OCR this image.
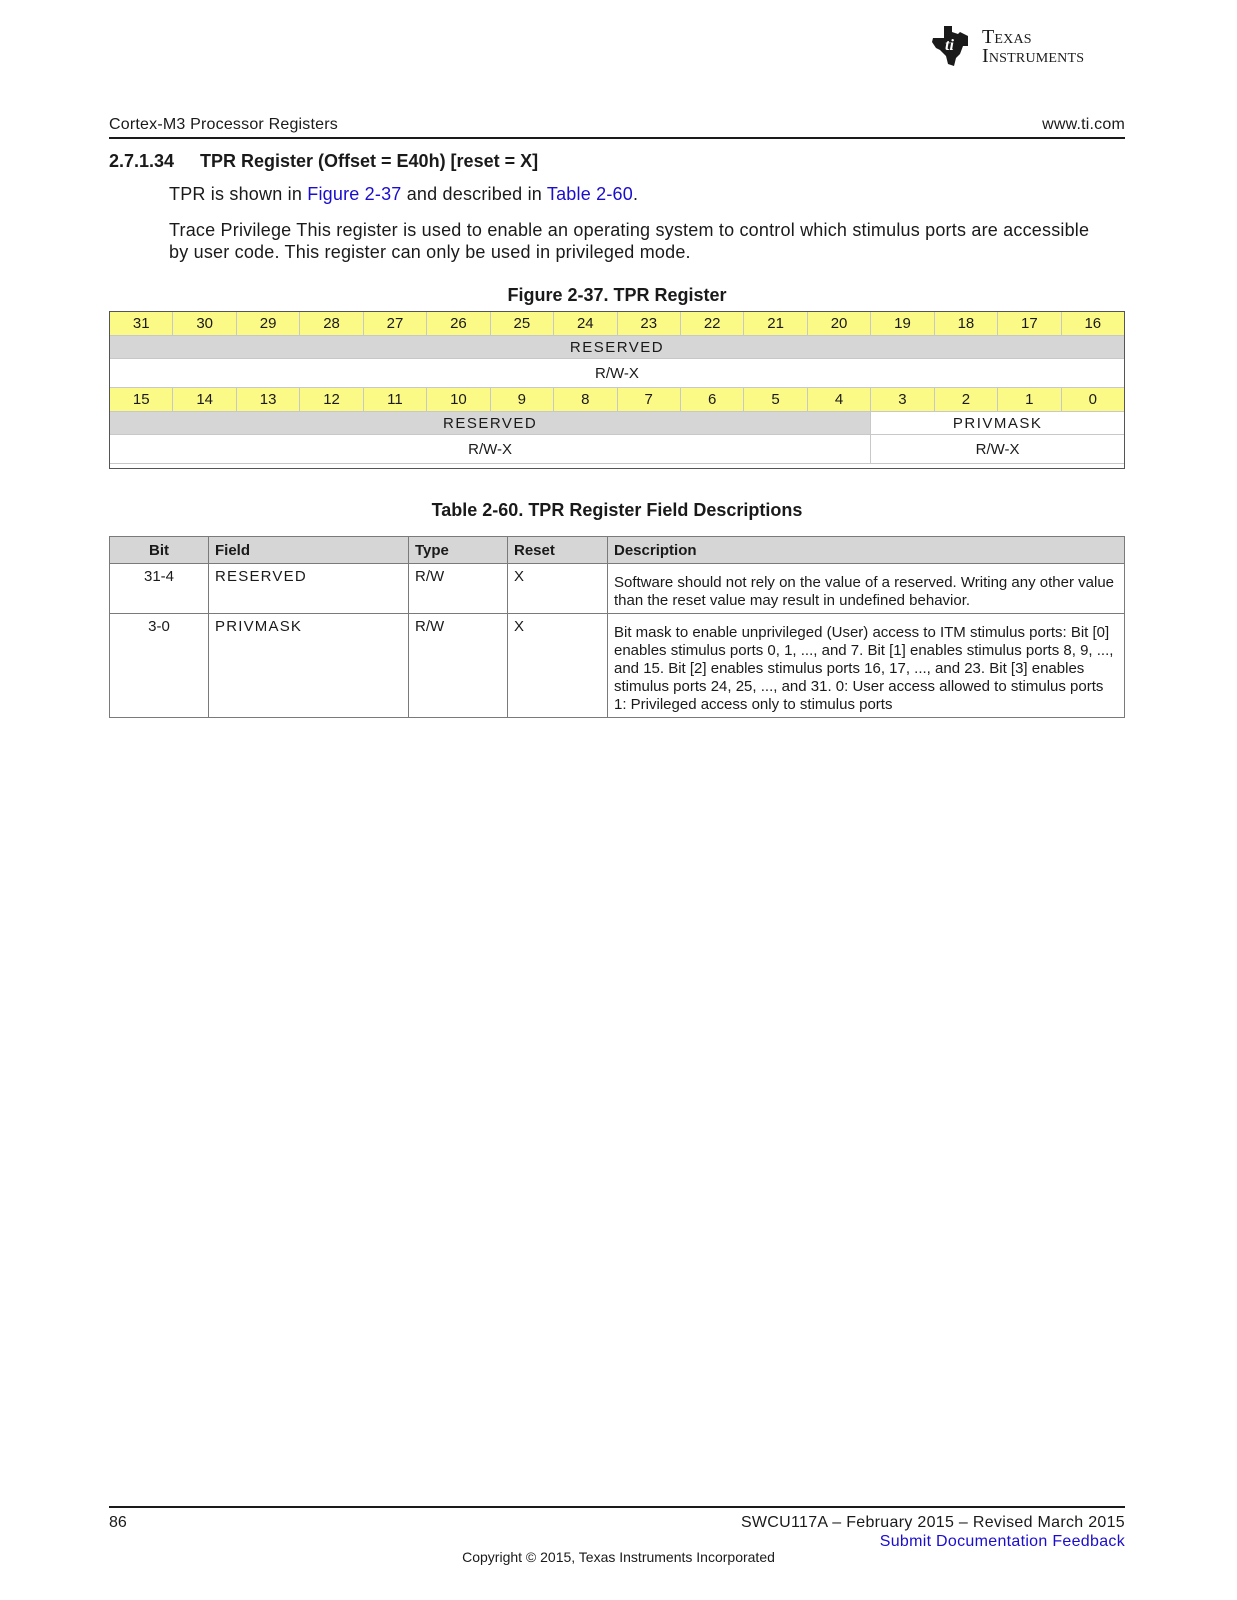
ti Texas
Instruments
Cortex-M3 Processor Registers	www.ti.com
2.7.1.34 TPR Register (Offset = E40h) [reset = X]
TPR is shown in Figure 2-37 and described in Table 2-60.
Trace Privilege This register is used to enable an operating system to control which stimulus ports are accessible by user code. This register can only be used in privileged mode.
Figure 2-37. TPR Register
31	30	29	28	27	26	25	24	23	22	21	20	19	18	17	16
RESERVED															
R/W-X															
15	14	13	12	11	10	9	8	7	6	5	4	3	2	1	0
RESERVED												PRIVMASK			
R/W-X												R/W-X			
Table 2-60. TPR Register Field Descriptions
Bit	Field	Type	Reset	Description
31-4	RESERVED	R/W	X	Software should not rely on the value of a reserved. Writing any other value than the reset value may result in undefined behavior.
3-0	PRIVMASK	R/W	X	Bit mask to enable unprivileged (User) access to ITM stimulus ports: Bit [0] enables stimulus ports 0, 1, ..., and 7. Bit [1] enables stimulus ports 8, 9, ..., and 15. Bit [2] enables stimulus ports 16, 17, ..., and 23. Bit [3] enables stimulus ports 24, 25, ..., and 31. 0: User access allowed to stimulus ports 1: Privileged access only to stimulus ports
86	SWCU117A – February 2015 – Revised March 2015
Submit Documentation Feedback
Copyright © 2015, Texas Instruments Incorporated
